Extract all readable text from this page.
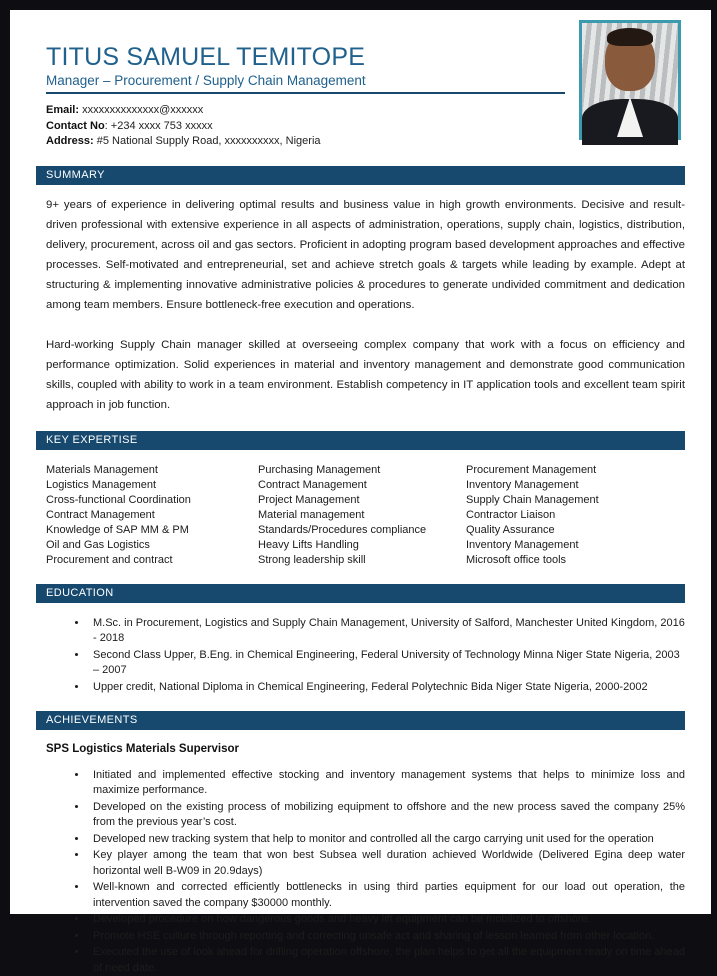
TITUS SAMUEL TEMITOPE
Manager – Procurement / Supply Chain Management
Email: xxxxxxxxxxxxxx@xxxxxx
Contact No: +234 xxxx 753 xxxxx
Address: #5 National Supply Road, xxxxxxxxxx, Nigeria
SUMMARY

9+ years of experience in delivering optimal results and business value in high growth environments. Decisive and result-driven professional with extensive experience in all aspects of administration, operations, supply chain, logistics, distribution, delivery, procurement, across oil and gas sectors. Proficient in adopting program based development approaches and effective processes. Self-motivated and entrepreneurial, set and achieve stretch goals & targets while leading by example. Adept at structuring & implementing innovative administrative policies & procedures to generate undivided commitment and dedication among team members. Ensure bottleneck-free execution and operations.

Hard-working Supply Chain manager skilled at overseeing complex company that work with a focus on efficiency and performance optimization. Solid experiences in material and inventory management and demonstrate good communication skills, coupled with ability to work in a team environment. Establish competency in IT application tools and excellent team spirit approach in job function.

KEY EXPERTISE
Materials Management
Logistics Management
Cross-functional Coordination
Contract Management
Knowledge of SAP MM & PM
Oil and Gas Logistics
Procurement and contract
Purchasing Management
Contract Management
Project Management
Material management
Standards/Procedures compliance
Heavy Lifts Handling
Strong leadership skill
Procurement Management
Inventory Management
Supply Chain Management
Contractor Liaison
Quality Assurance
Inventory Management
Microsoft office tools
EDUCATION
• M.Sc. in Procurement, Logistics and Supply Chain Management, University of Salford, Manchester United Kingdom, 2016 - 2018
• Second Class Upper, B.Eng. in Chemical Engineering, Federal University of Technology Minna Niger State Nigeria, 2003 – 2007
• Upper credit, National Diploma in Chemical Engineering, Federal Polytechnic Bida Niger State Nigeria, 2000-2002
ACHIEVEMENTS
SPS Logistics Materials Supervisor
• Initiated and implemented effective stocking and inventory management systems that helps to minimize loss and maximize performance.
• Developed on the existing process of mobilizing equipment to offshore and the new process saved the company 25% from the previous year’s cost.
• Developed new tracking system that help to monitor and controlled all the cargo carrying unit used for the operation
• Key player among the team that won best Subsea well duration achieved Worldwide (Delivered Egina deep water horizontal well B-W09 in 20.9days)
• Well-known and corrected efficiently bottlenecks in using third parties equipment for our load out operation, the intervention saved the company $30000 monthly.
• Developed procedure on how dangerous goods and heavy lift equipment can be mobilized to offshore.
• Promote HSE culture through reporting and correcting unsafe act and sharing of lesson learned from other location.
• Executed the use of look ahead for drilling operation offshore, the plan helps to get all the equipment ready on time ahead of need date.
